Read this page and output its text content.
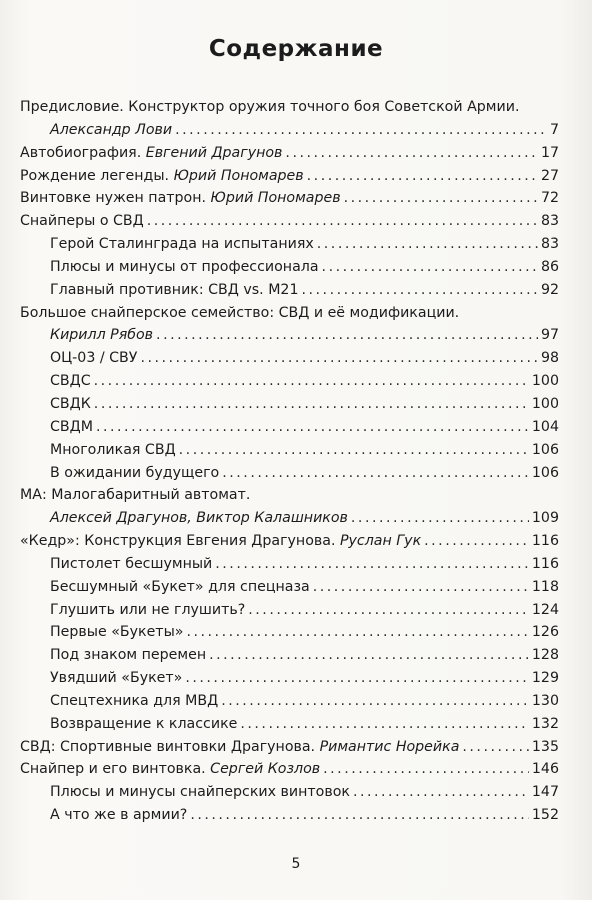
Содержание
Предисловие. Конструктор оружия точного боя Советской Армии.
Александр Лови . . .	7
Автобиография. Евгений Драгунов . . .	17
Рождение легенды. Юрий Пономарев . . .	27
Винтовке нужен патрон. Юрий Пономарев . . .	72
Снайперы о СВД . . .	83
Герой Сталинграда на испытаниях . . .	83
Плюсы и минусы от профессионала . . .	86
Главный противник: СВД vs. M21 . . .	92
Большое снайперское семейство: СВД и её модификации.
Кирилл Рябов . . .	97
ОЦ-03 / СВУ . . .	98
СВДС . . .	100
СВДК . . .	100
СВДМ . . .	104
Многоликая СВД . . .	106
В ожидании будущего . . .	106
МА: Малогабаритный автомат.
Алексей Драгунов, Виктор Калашников . . .	109
«Кедр»: Конструкция Евгения Драгунова. Руслан Гук . . .	116
Пистолет бесшумный . . .	116
Бесшумный «Букет» для спецназа . . .	118
Глушить или не глушить? . . .	124
Первые «Букеты» . . .	126
Под знаком перемен . . .	128
Увядший «Букет» . . .	129
Спецтехника для МВД . . .	130
Возвращение к классике . . .	132
СВД: Спортивные винтовки Драгунова. Римантис Норейка . . .	135
Снайпер и его винтовка. Сергей Козлов . . .	146
Плюсы и минусы снайперских винтовок . . .	147
А что же в армии? . . .	152
5
